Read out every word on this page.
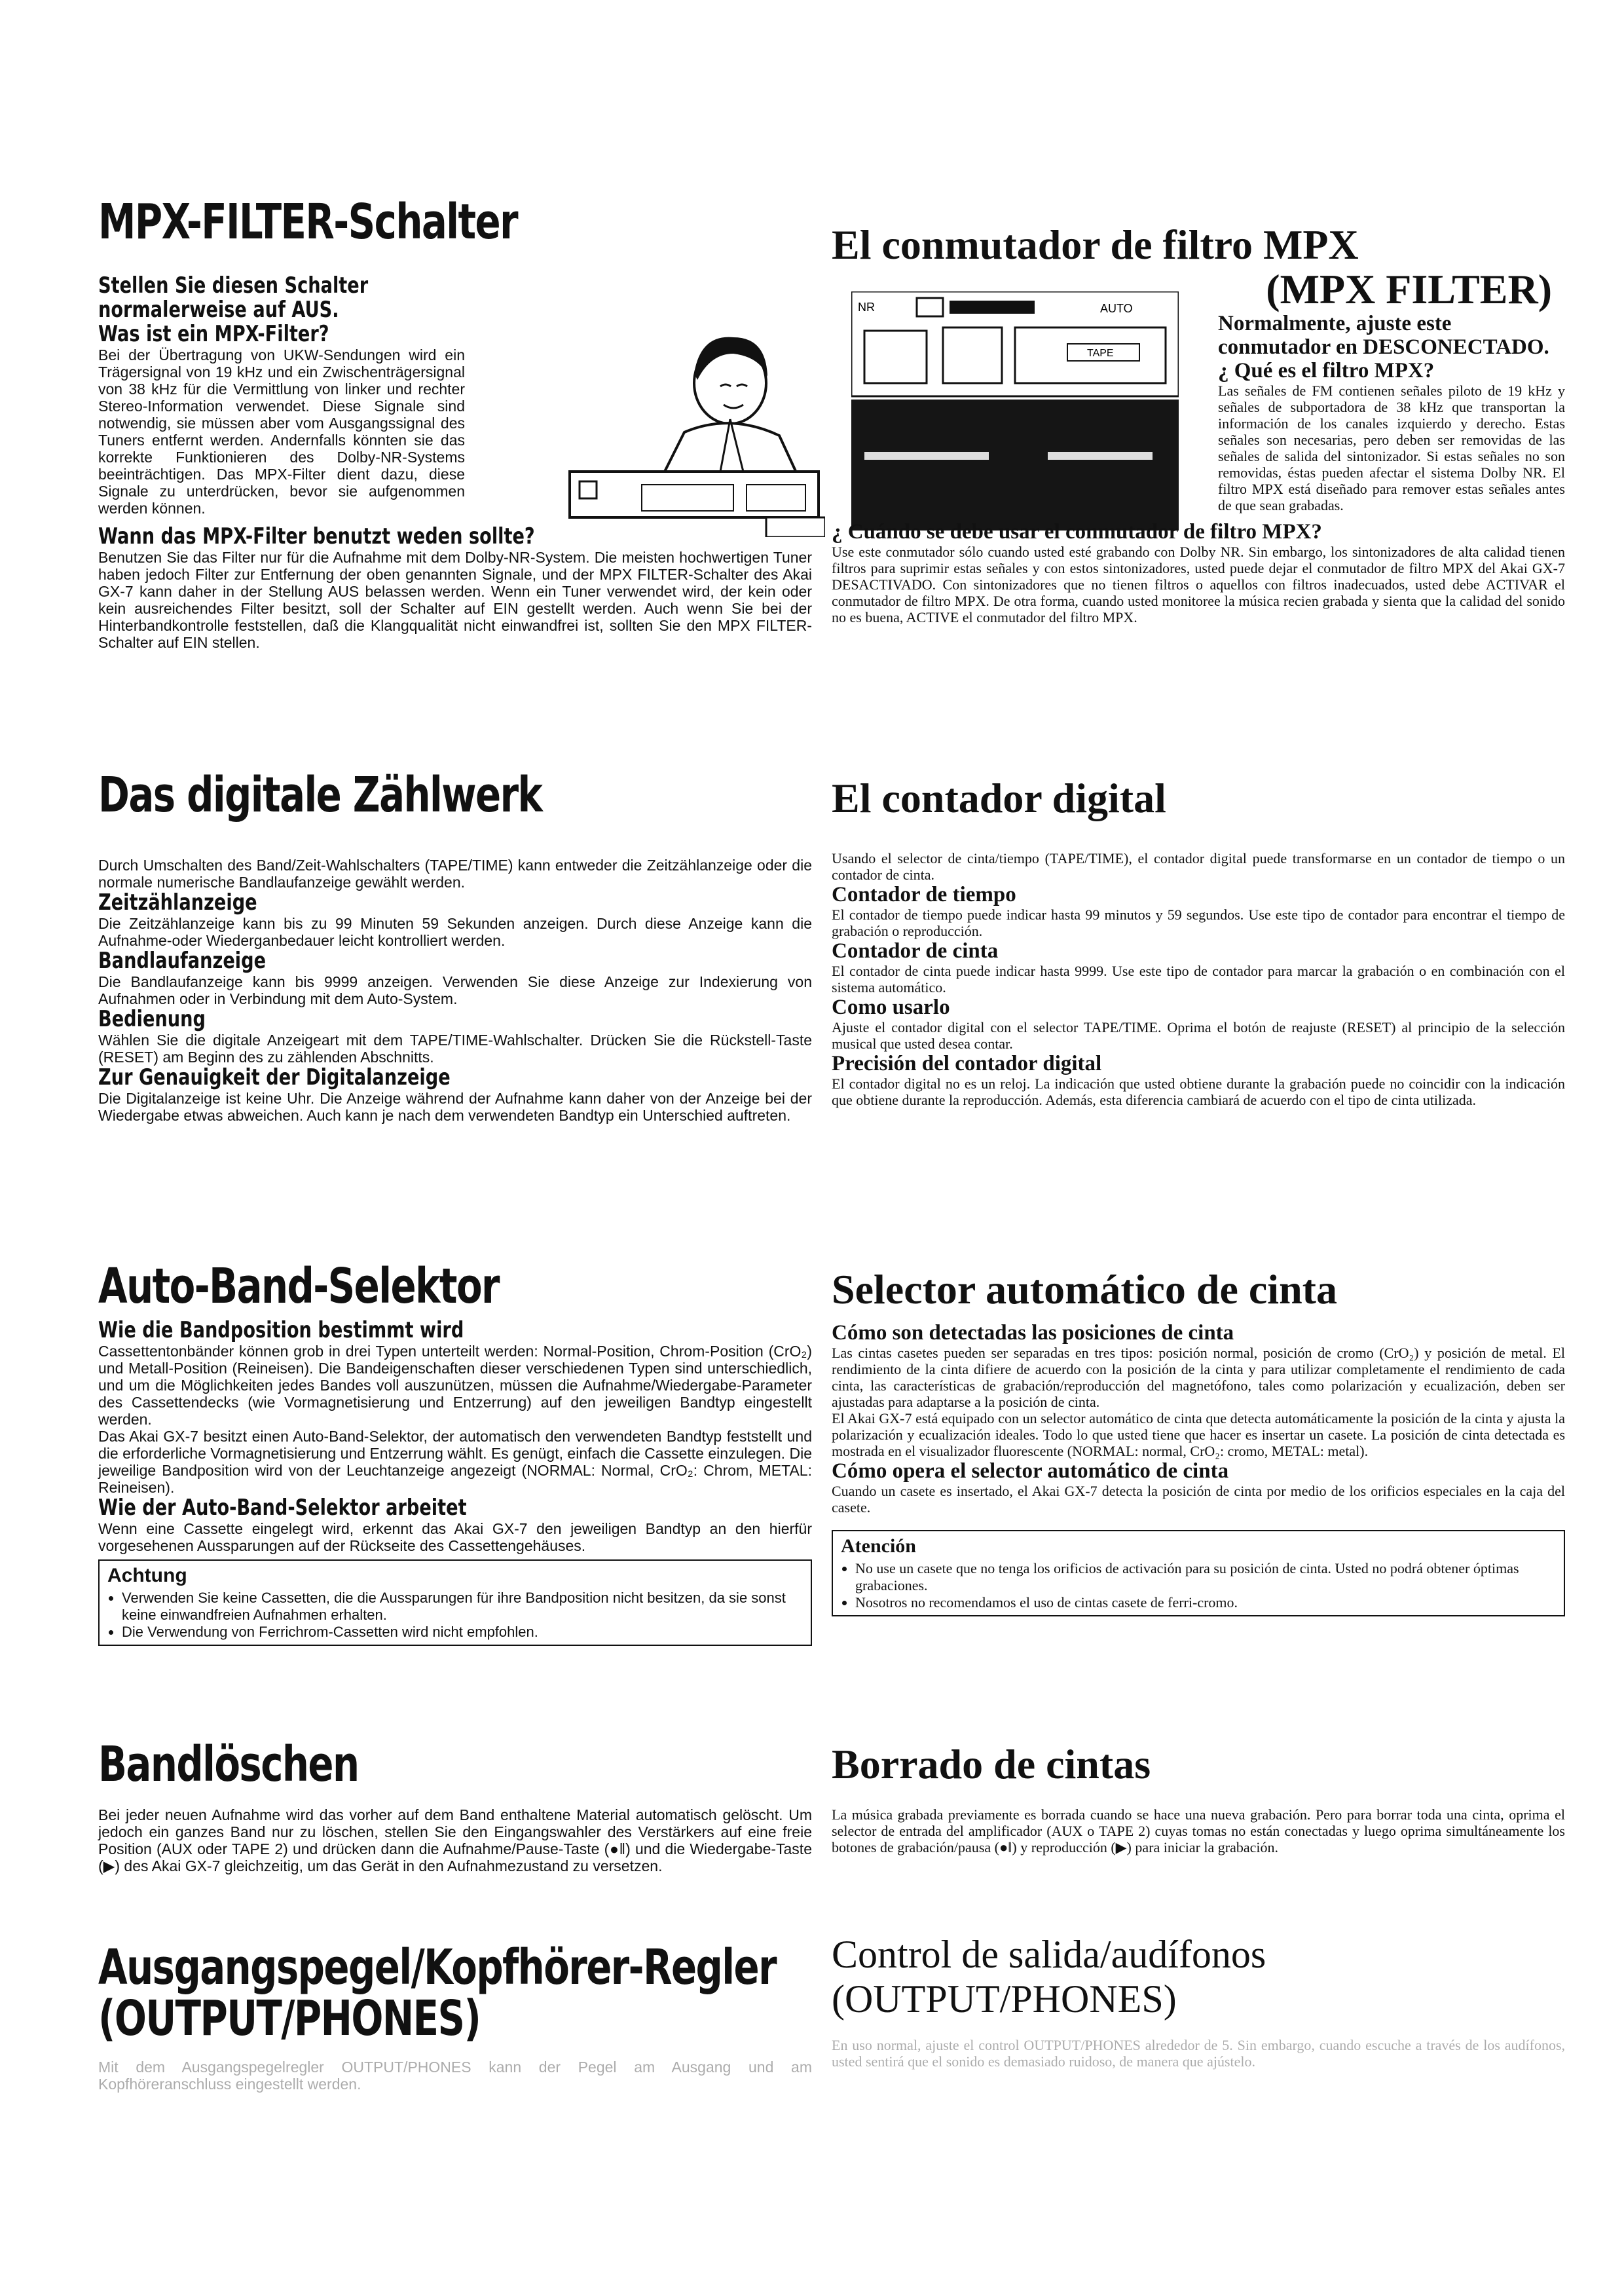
MPX-FILTER-Schalter

Stellen Sie diesen Schalter

normalerweise auf AUS.

Was ist ein MPX-Filter?

Bei der Übertragung von UKW-Sendungen wird ein Trägersignal von 19 kHz und ein Zwischenträgersignal von 38 kHz für die Vermittlung von linker und rechter Stereo-Information verwendet. Diese Signale sind notwendig, sie müssen aber vom Ausgangssignal des Tuners entfernt werden. Andernfalls könnten sie das korrekte Funktionieren des Dolby-NR-Systems beeinträchtigen. Das MPX-Filter dient dazu, diese Signale zu unterdrücken, bevor sie aufgenommen werden können.

Wann das MPX-Filter benutzt weden sollte?

Benutzen Sie das Filter nur für die Aufnahme mit dem Dolby-NR-System. Die meisten hochwertigen Tuner haben jedoch Filter zur Entfernung der oben genannten Signale, und der MPX FILTER-Schalter des Akai GX-7 kann daher in der Stellung AUS belassen werden. Wenn ein Tuner verwendet wird, der kein oder kein ausreichendes Filter besitzt, soll der Schalter auf EIN gestellt werden. Auch wenn Sie bei der Hinterbandkontrolle feststellen, daß die Klangqualität nicht einwandfrei ist, sollten Sie den MPX FILTER-Schalter auf EIN stellen.

Das digitale Zählwerk

Durch Umschalten des Band/Zeit-Wahlschalters (TAPE/TIME) kann entweder die Zeitzählanzeige oder die normale numerische Bandlaufanzeige gewählt werden.

Zeitzählanzeige

Die Zeitzählanzeige kann bis zu 99 Minuten 59 Sekunden anzeigen. Durch diese Anzeige kann die Aufnahme-oder Wiederganbedauer leicht kontrolliert werden.

Bandlaufanzeige

Die Bandlaufanzeige kann bis 9999 anzeigen. Verwenden Sie diese Anzeige zur Indexierung von Aufnahmen oder in Verbindung mit dem Auto-System.

Bedienung

Wählen Sie die digitale Anzeigeart mit dem TAPE/TIME-Wahlschalter. Drücken Sie die Rückstell-Taste (RESET) am Beginn des zu zählenden Abschnitts.

Zur Genauigkeit der Digitalanzeige

Die Digitalanzeige ist keine Uhr. Die Anzeige während der Aufnahme kann daher von der Anzeige bei der Wiedergabe etwas abweichen. Auch kann je nach dem verwendeten Bandtyp ein Unterschied auftreten.

Auto-Band-Selektor

Wie die Bandposition bestimmt wird

Cassettentonbänder können grob in drei Typen unterteilt werden: Normal-Position, Chrom-Position (CrO₂) und Metall-Position (Reineisen). Die Bandeigenschaften dieser verschiedenen Typen sind unterschiedlich, und um die Möglichkeiten jedes Bandes voll auszunützen, müssen die Aufnahme/Wiedergabe-Parameter des Cassettendecks (wie Vormagnetisierung und Entzerrung) auf den jeweiligen Bandtyp eingestellt werden.

Das Akai GX-7 besitzt einen Auto-Band-Selektor, der automatisch den verwendeten Bandtyp feststellt und die erforderliche Vormagnetisierung und Entzerrung wählt. Es genügt, einfach die Cassette einzulegen. Die jeweilige Bandposition wird von der Leuchtanzeige angezeigt (NORMAL: Normal, CrO₂: Chrom, METAL: Reineisen).

Wie der Auto-Band-Selektor arbeitet

Wenn eine Cassette eingelegt wird, erkennt das Akai GX-7 den jeweiligen Bandtyp an den hierfür vorgesehenen Aussparungen auf der Rückseite des Cassettengehäuses.

Achtung
• Verwenden Sie keine Cassetten, die die Aussparungen für ihre Bandposition nicht besitzen, da sie sonst keine einwandfreien Aufnahmen erhalten.
• Die Verwendung von Ferrichrom-Cassetten wird nicht empfohlen.
Bandlöschen

Bei jeder neuen Aufnahme wird das vorher auf dem Band enthaltene Material automatisch gelöscht. Um jedoch ein ganzes Band nur zu löschen, stellen Sie den Eingangswahler des Verstärkers auf eine freie Position (AUX oder TAPE 2) und drücken dann die Aufnahme/Pause-Taste (●‖) und die Wiedergabe-Taste (▶) des Akai GX-7 gleichzeitig, um das Gerät in den Aufnahmezustand zu versetzen.

Ausgangspegel/Kopfhörer-Regler (OUTPUT/PHONES)

Mit dem Ausgangspegelregler OUTPUT/PHONES kann der Pegel am Ausgang und am Kopfhöreranschluss eingestellt werden.

NR	AUTO
TAPE
El conmutador de filtro MPX
(MPX FILTER)

Normalmente, ajuste este conmutador en DESCONECTADO.

¿ Qué es el filtro MPX?

Las señales de FM contienen señales piloto de 19 kHz y señales de subportadora de 38 kHz que transportan la información de los canales izquierdo y derecho. Estas señales son necesarias, pero deben ser removidas de las señales de salida del sintonizador. Si estas señales no son removidas, éstas pueden afectar el sistema Dolby NR. El filtro MPX está diseñado para remover estas señales antes de que sean grabadas.

¿ Cuándo se debe usar el conmutador de filtro MPX?

Use este conmutador sólo cuando usted esté grabando con Dolby NR. Sin embargo, los sintonizadores de alta calidad tienen filtros para suprimir estas señales y con estos sintonizadores, usted puede dejar el conmutador de filtro MPX del Akai GX-7 DESACTIVADO. Con sintonizadores que no tienen filtros o aquellos con filtros inadecuados, usted debe ACTIVAR el conmutador de filtro MPX. De otra forma, cuando usted monitoree la música recien grabada y sienta que la calidad del sonido no es buena, ACTIVE el conmutador del filtro MPX.

El contador digital

Usando el selector de cinta/tiempo (TAPE/TIME), el contador digital puede transformarse en un contador de tiempo o un contador de cinta.

Contador de tiempo

El contador de tiempo puede indicar hasta 99 minutos y 59 segundos. Use este tipo de contador para encontrar el tiempo de grabación o reproducción.

Contador de cinta

El contador de cinta puede indicar hasta 9999. Use este tipo de contador para marcar la grabación o en combinación con el sistema automático.

Como usarlo

Ajuste el contador digital con el selector TAPE/TIME. Oprima el botón de reajuste (RESET) al principio de la selección musical que usted desea contar.

Precisión del contador digital

El contador digital no es un reloj. La indicación que usted obtiene durante la grabación puede no coincidir con la indicación que obtiene durante la reproducción. Además, esta diferencia cambiará de acuerdo con el tipo de cinta utilizada.

Selector automático de cinta

Cómo son detectadas las posiciones de cinta

Las cintas casetes pueden ser separadas en tres tipos: posición normal, posición de cromo (CrO₂) y posición de metal. El rendimiento de la cinta difiere de acuerdo con la posición de la cinta y para utilizar completamente el rendimiento de cada cinta, las características de grabación/reproducción del magnetófono, tales como polarización y ecualización, deben ser ajustadas para adaptarse a la posición de cinta.

El Akai GX-7 está equipado con un selector automático de cinta que detecta automáticamente la posición de la cinta y ajusta la polarización y ecualización ideales. Todo lo que usted tiene que hacer es insertar un casete. La posición de cinta detectada es mostrada en el visualizador fluorescente (NORMAL: normal, CrO₂: cromo, METAL: metal).

Cómo opera el selector automático de cinta

Cuando un casete es insertado, el Akai GX-7 detecta la posición de cinta por medio de los orificios especiales en la caja del casete.

Atención
• No use un casete que no tenga los orificios de activación para su posición de cinta. Usted no podrá obtener óptimas grabaciones.
• Nosotros no recomendamos el uso de cintas casete de ferri-cromo.
Borrado de cintas

La música grabada previamente es borrada cuando se hace una nueva grabación. Pero para borrar toda una cinta, oprima el selector de entrada del amplificador (AUX o TAPE 2) cuyas tomas no están conectadas y luego oprima simultáneamente los botones de grabación/pausa (●‖) y reproducción (▶) para iniciar la grabación.

Control de salida/audífonos
(OUTPUT/PHONES)

En uso normal, ajuste el control OUTPUT/PHONES alrededor de 5. Sin embargo, cuando escuche a través de los audífonos, usted sentirá que el sonido es demasiado ruidoso, de manera que ajústelo.
